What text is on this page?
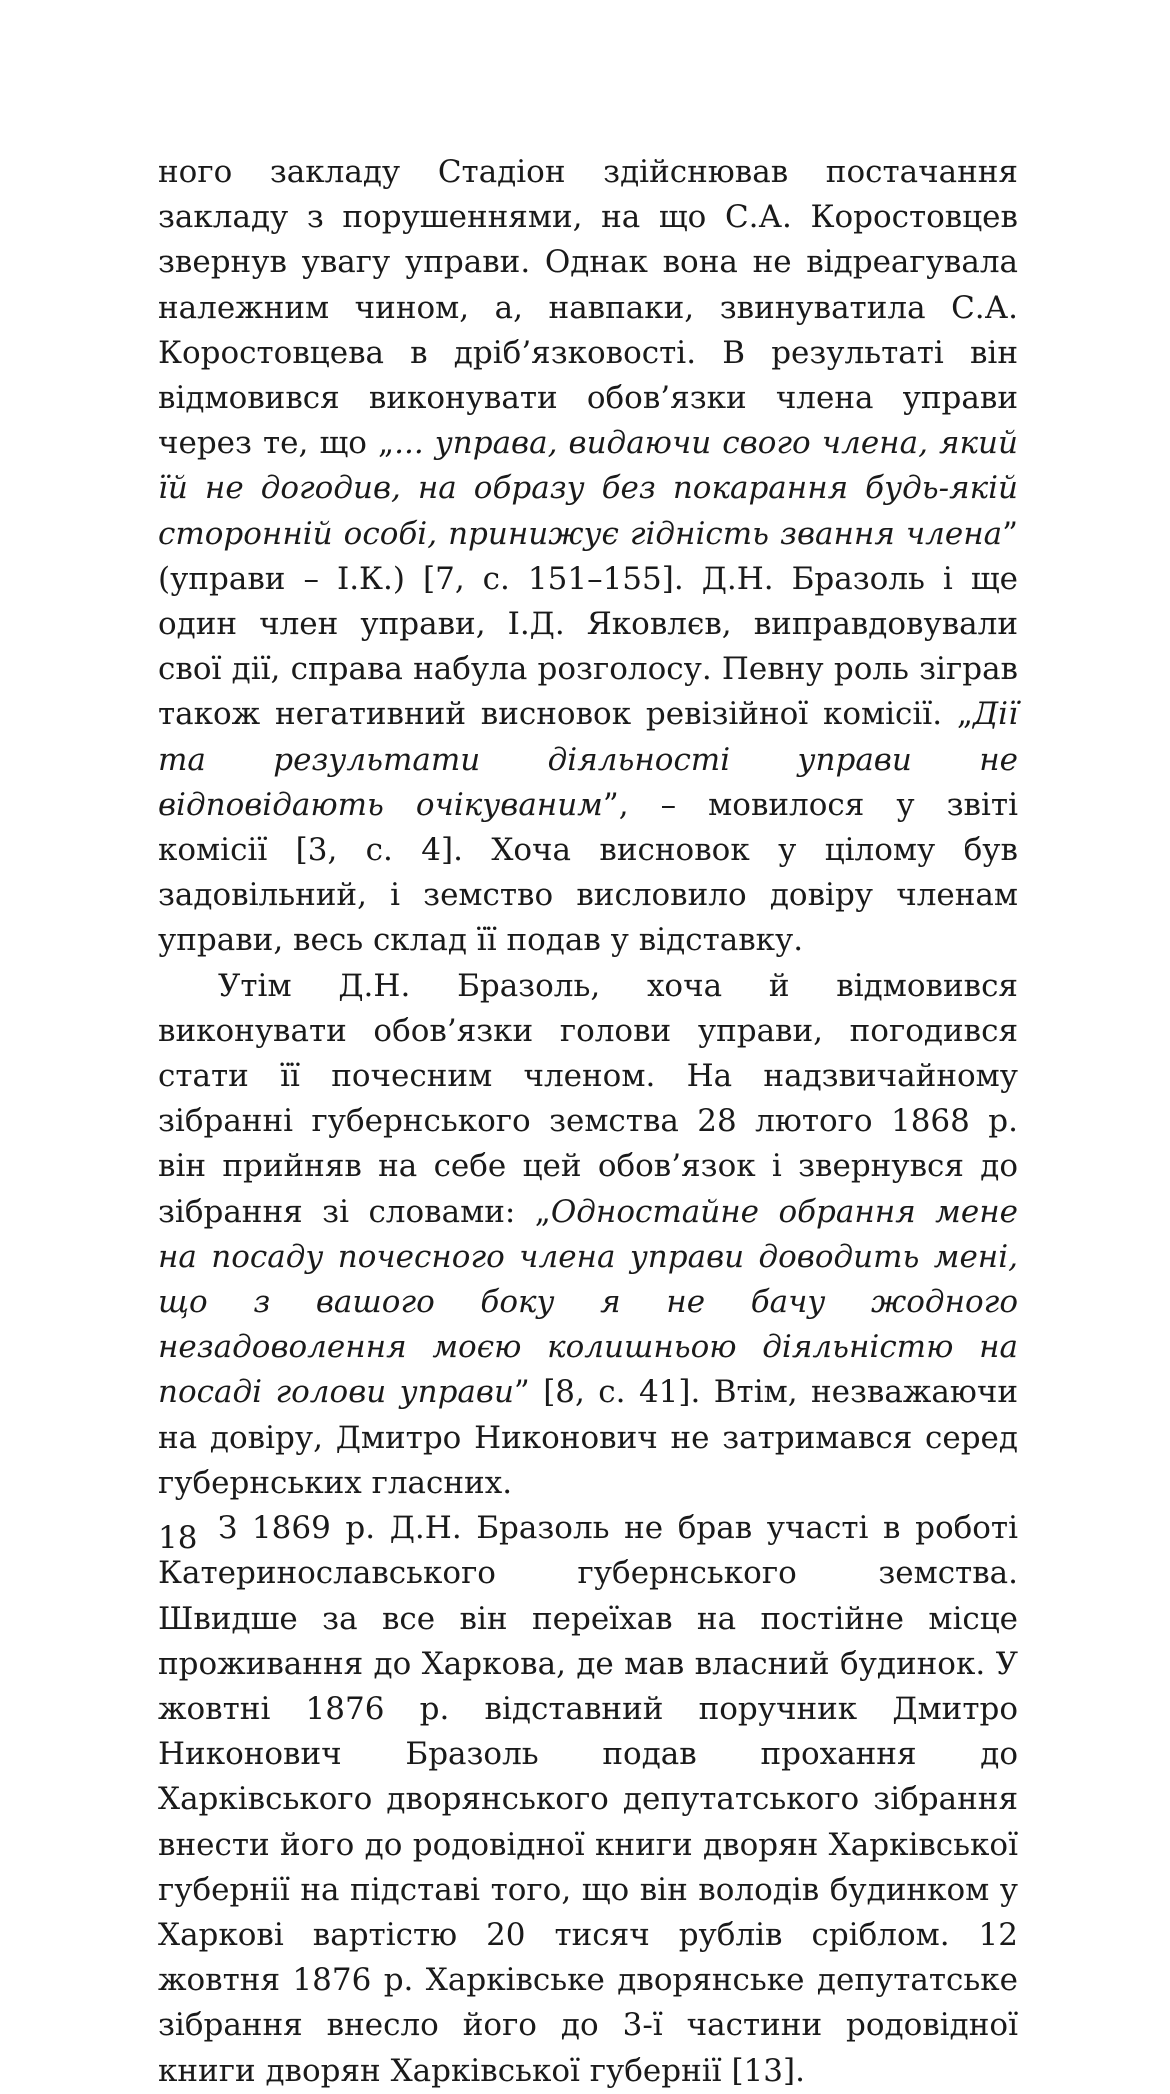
ного закладу Стадіон здійснював постачання закладу з порушеннями, на що С.А. Коростовцев звернув увагу управи. Однак вона не відреагувала належним чином, а, навпаки, звинуватила С.А. Коростовцева в дріб’язковості. В результаті він відмовився виконувати обов’язки члена управи через те, що „... управа, видаючи свого члена, який їй не догодив, на образу без покарання будь-якій сторонній особі, принижує гідність звання члена” (управи – І.К.) [7, с. 151–155]. Д.Н. Бразоль і ще один член управи, І.Д. Яковлєв, виправдовували свої дії, справа набула розголосу. Певну роль зіграв також негативний висновок ревізійної комісії. „Дії та результати діяльності управи не відповідають очікуваним”, – мовилося у звіті комісії [3, с. 4]. Хоча висновок у цілому був задовільний, і земство висловило довіру членам управи, весь склад її подав у відставку.

Утім Д.Н. Бразоль, хоча й відмовився виконувати обов’язки голови управи, погодився стати її почесним членом. На надзвичайному зібранні губернського земства 28 лютого 1868 р. він прийняв на себе цей обов’язок і звернувся до зібрання зі словами: „Одностайне обрання мене на посаду почесного члена управи доводить мені, що з вашого боку я не бачу жодного незадоволення моєю колишньою діяльністю на посаді голови управи” [8, с. 41]. Втім, незважаючи на довіру, Дмитро Никонович не затримався серед губернських гласних.

З 1869 р. Д.Н. Бразоль не брав участі в роботі Катеринославського губернського земства. Швидше за все він переїхав на постійне місце проживання до Харкова, де мав власний будинок. У жовтні 1876 р. відставний поручник Дмитро Никонович Бразоль подав прохання до Харківського дворянського депутатського зібрання внести його до родовідної книги дворян Харківської губернії на підставі того, що він володів будинком у Харкові вартістю 20 тисяч рублів сріблом. 12 жовтня 1876 р. Харківське дворянське депутатське зібрання внесло його до 3-ї частини родовідної книги дворян Харківської губернії [13].

18
